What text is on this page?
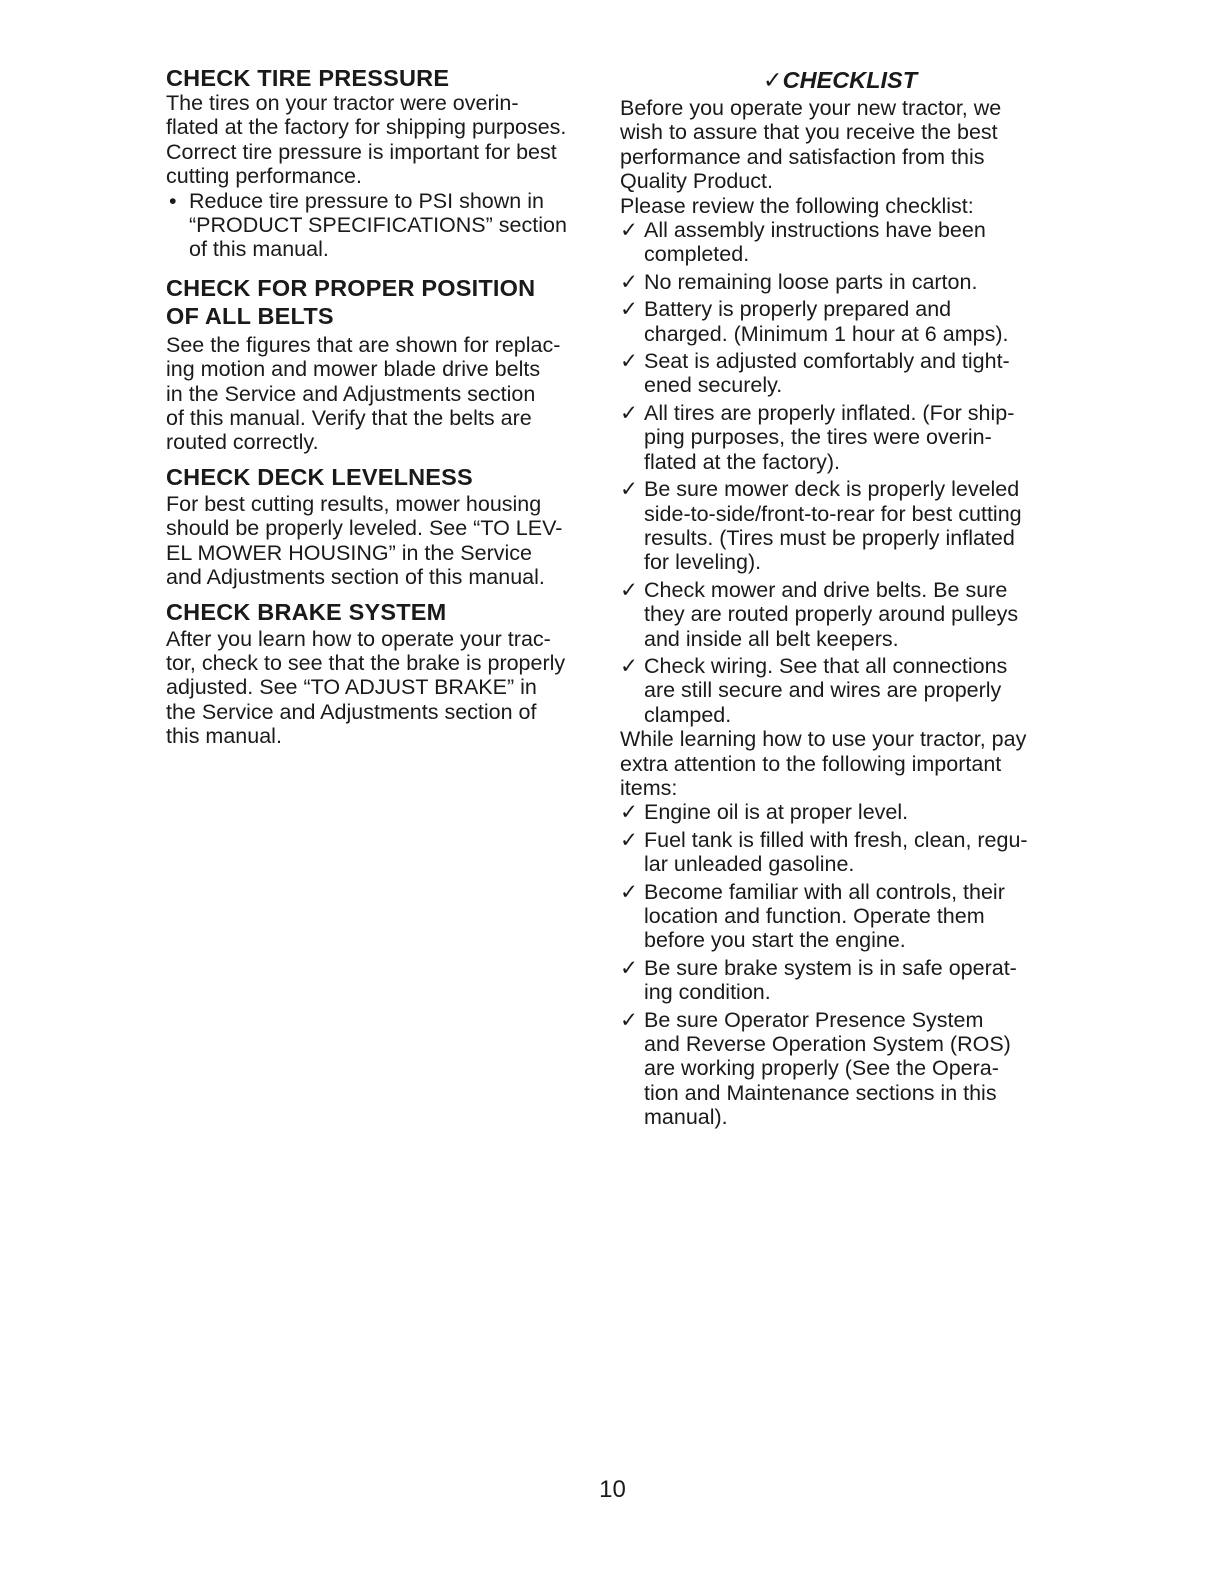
CHECK TIRE PRESSURE
The tires on your tractor were overin-
flated at the factory for shipping purposes.
Correct tire pressure is important for best
cutting performance.
• Reduce tire pressure to PSI shown in
“PRODUCT SPECIFICATIONS” section
of this manual.
CHECK FOR PROPER POSITION
OF ALL BELTS
See the figures that are shown for replac-
ing motion and mower blade drive belts
in the Service and Adjustments section
of this manual. Verify that the belts are
routed correctly.
CHECK DECK LEVELNESS
For best cutting results, mower housing
should be properly leveled. See “TO LEV-
EL MOWER HOUSING” in the Service
and Adjustments section of this manual.
CHECK BRAKE SYSTEM
After you learn how to operate your trac-
tor, check to see that the brake is properly
adjusted. See “TO ADJUST BRAKE” in
the Service and Adjustments section of
this manual.
✓CHECKLIST
Before you operate your new tractor, we
wish to assure that you receive the best
performance and satisfaction from this
Quality Product.
Please review the following checklist:
✓ All assembly instructions have been
completed.
✓ No remaining loose parts in carton.
✓ Battery is properly prepared and
charged. (Minimum 1 hour at 6 amps).
✓ Seat is adjusted comfortably and tight-
ened securely.
✓ All tires are properly inflated. (For ship-
ping purposes, the tires were overin-
flated at the factory).
✓ Be sure mower deck is properly leveled
side-to-side/front-to-rear for best cutting
results. (Tires must be properly inflated
for leveling).
✓ Check mower and drive belts. Be sure
they are routed properly around pulleys
and inside all belt keepers.
✓ Check wiring. See that all connections
are still secure and wires are properly
clamped.
While learning how to use your tractor, pay
extra attention to the following important
items:
✓ Engine oil is at proper level.
✓ Fuel tank is filled with fresh, clean, regu-
lar unleaded gasoline.
✓ Become familiar with all controls, their
location and function. Operate them
before you start the engine.
✓ Be sure brake system is in safe operat-
ing condition.
✓ Be sure Operator Presence System
and Reverse Operation System (ROS)
are working properly (See the Opera-
tion and Maintenance sections in this
manual).
10
